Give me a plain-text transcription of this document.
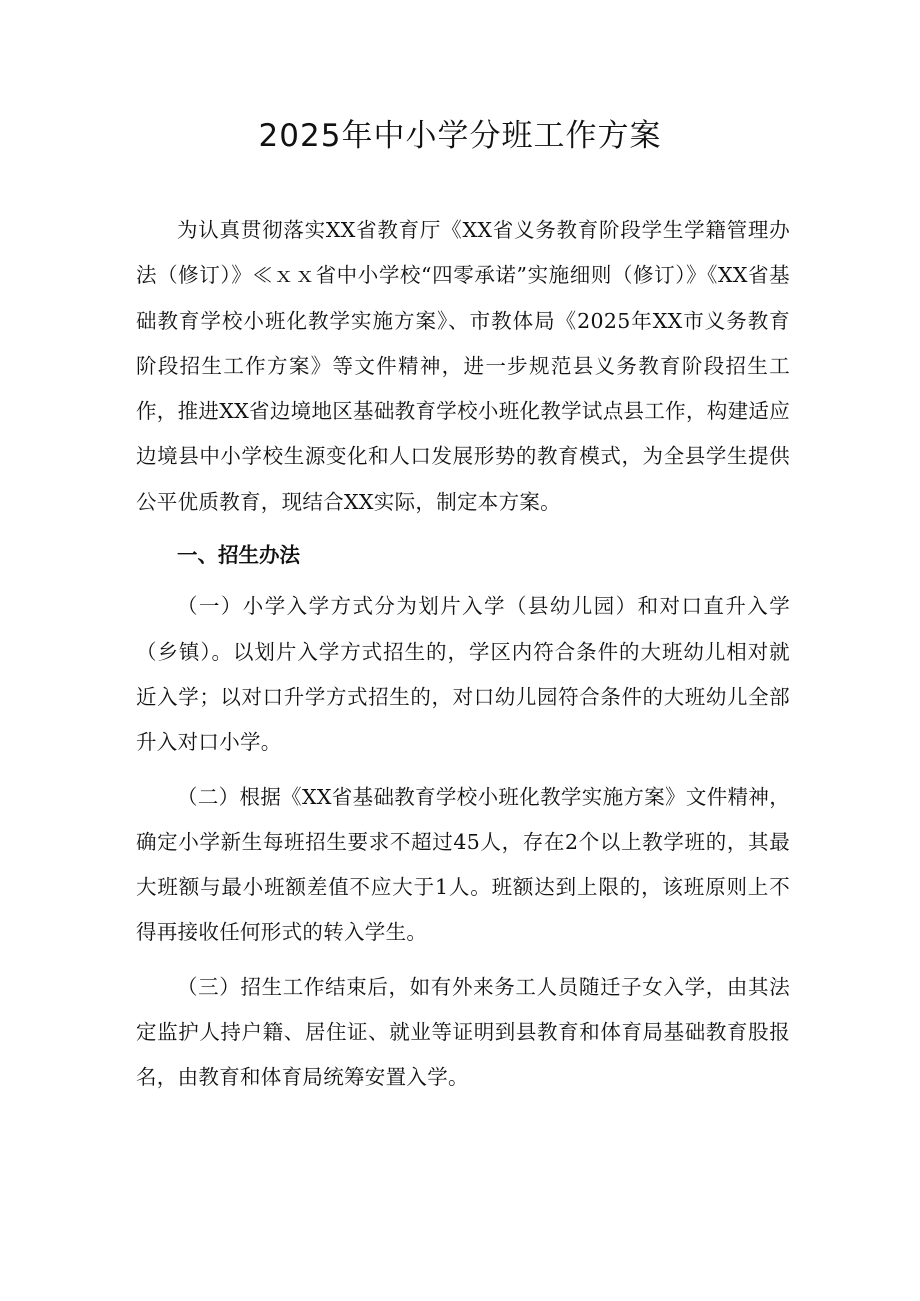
2025年中小学分班工作方案

为认真贯彻落实XX省教育厅《XX省义务教育阶段学生学籍管理办法（修订）》≪ｘｘ省中小学校“四零承诺”实施细则（修订）》《XX省基础教育学校小班化教学实施方案》、市教体局《2025年XX市义务教育阶段招生工作方案》等文件精神，进一步规范县义务教育阶段招生工作，推进XX省边境地区基础教育学校小班化教学试点县工作，构建适应边境县中小学校生源变化和人口发展形势的教育模式，为全县学生提供公平优质教育，现结合XX实际，制定本方案。

一、招生办法

（一）小学入学方式分为划片入学（县幼儿园）和对口直升入学（乡镇）。以划片入学方式招生的，学区内符合条件的大班幼儿相对就近入学；以对口升学方式招生的，对口幼儿园符合条件的大班幼儿全部升入对口小学。

（二）根据《XX省基础教育学校小班化教学实施方案》文件精神，确定小学新生每班招生要求不超过45人，存在2个以上教学班的，其最大班额与最小班额差值不应大于1人。班额达到上限的，该班原则上不得再接收任何形式的转入学生。

（三）招生工作结束后，如有外来务工人员随迁子女入学，由其法定监护人持户籍、居住证、就业等证明到县教育和体育局基础教育股报名，由教育和体育局统筹安置入学。
